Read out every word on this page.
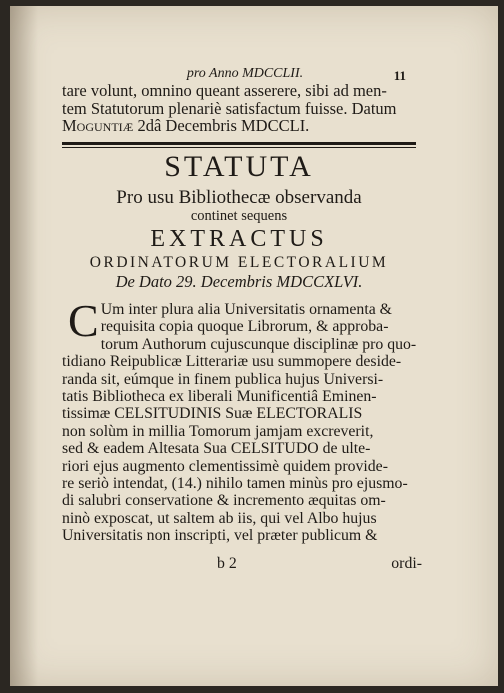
pro Anno MDCCLII.	11
tare volunt, omnino queant asserere, sibi ad men-
tem Statutorum plenariè satisfactum fuisse. Datum
Moguntiæ 2dâ Decembris MDCCLI.
STATUTA
Pro usu Bibliothecæ observanda
continet sequens
EXTRACTUS
ORDINATORUM ELECTORALIUM
De Dato 29. Decembris MDCCXLVI.
C Um inter plura alia Universitatis ornamenta &
requisita copia quoque Librorum, & approba-
torum Authorum cujuscunque disciplinæ pro quo-
tidiano Reipublicæ Litterariæ usu summopere deside-
randa sit, eúmque in finem publica hujus Universi-
tatis Bibliotheca ex liberali Munificentiâ Eminen-
tissimæ CELSITUDINIS Suæ ELECTORALIS
non solùm in millia Tomorum jamjam excreverit,
sed & eadem Altesata Sua CELSITUDO de ulte-
riori ejus augmento clementissimè quidem provide-
re seriò intendat, (14.) nihilo tamen minùs pro ejusmo-
di salubri conservatione & incremento æquitas om-
ninò exposcat, ut saltem ab iis, qui vel Albo hujus
Universitatis non inscripti, vel præter publicum &
b 2	ordi-
